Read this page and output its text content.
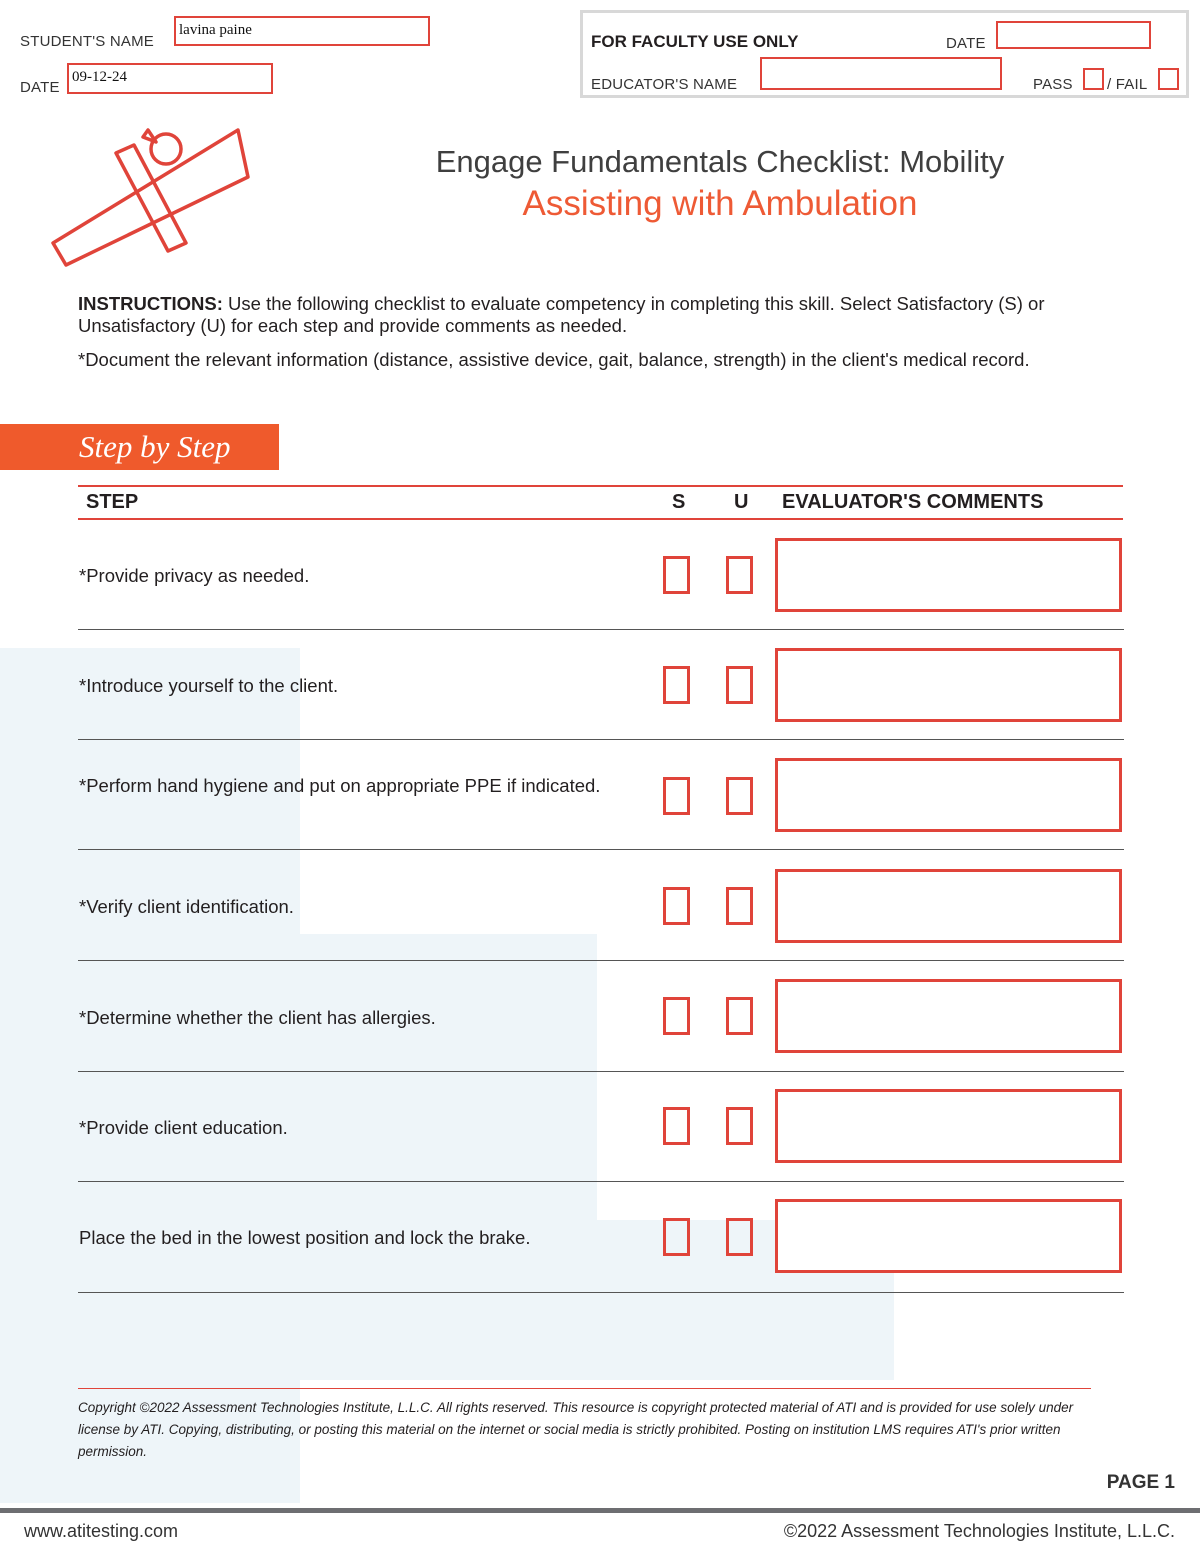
STUDENT'S NAME
lavina paine
DATE
09-12-24
FOR FACULTY USE ONLY	DATE
EDUCATOR'S NAME	PASS / FAIL
Engage Fundamentals Checklist: Mobility
Assisting with Ambulation
INSTRUCTIONS: Use the following checklist to evaluate competency in completing this skill. Select Satisfactory (S) or Unsatisfactory (U) for each step and provide comments as needed.
*Document the relevant information (distance, assistive device, gait, balance, strength) in the client's medical record.
Step by Step
STEP	S U EVALUATOR'S COMMENTS
*Provide privacy as needed.
*Introduce yourself to the client.
*Perform hand hygiene and put on appropriate PPE if indicated.
*Verify client identification.
*Determine whether the client has allergies.
*Provide client education.
Place the bed in the lowest position and lock the brake.
Copyright ©2022 Assessment Technologies Institute, L.L.C. All rights reserved. This resource is copyright protected material of ATI and is provided for use solely under license by ATI. Copying, distributing, or posting this material on the internet or social media is strictly prohibited. Posting on institution LMS requires ATI's prior written permission.
PAGE 1
www.atitesting.com	©2022 Assessment Technologies Institute, L.L.C.
